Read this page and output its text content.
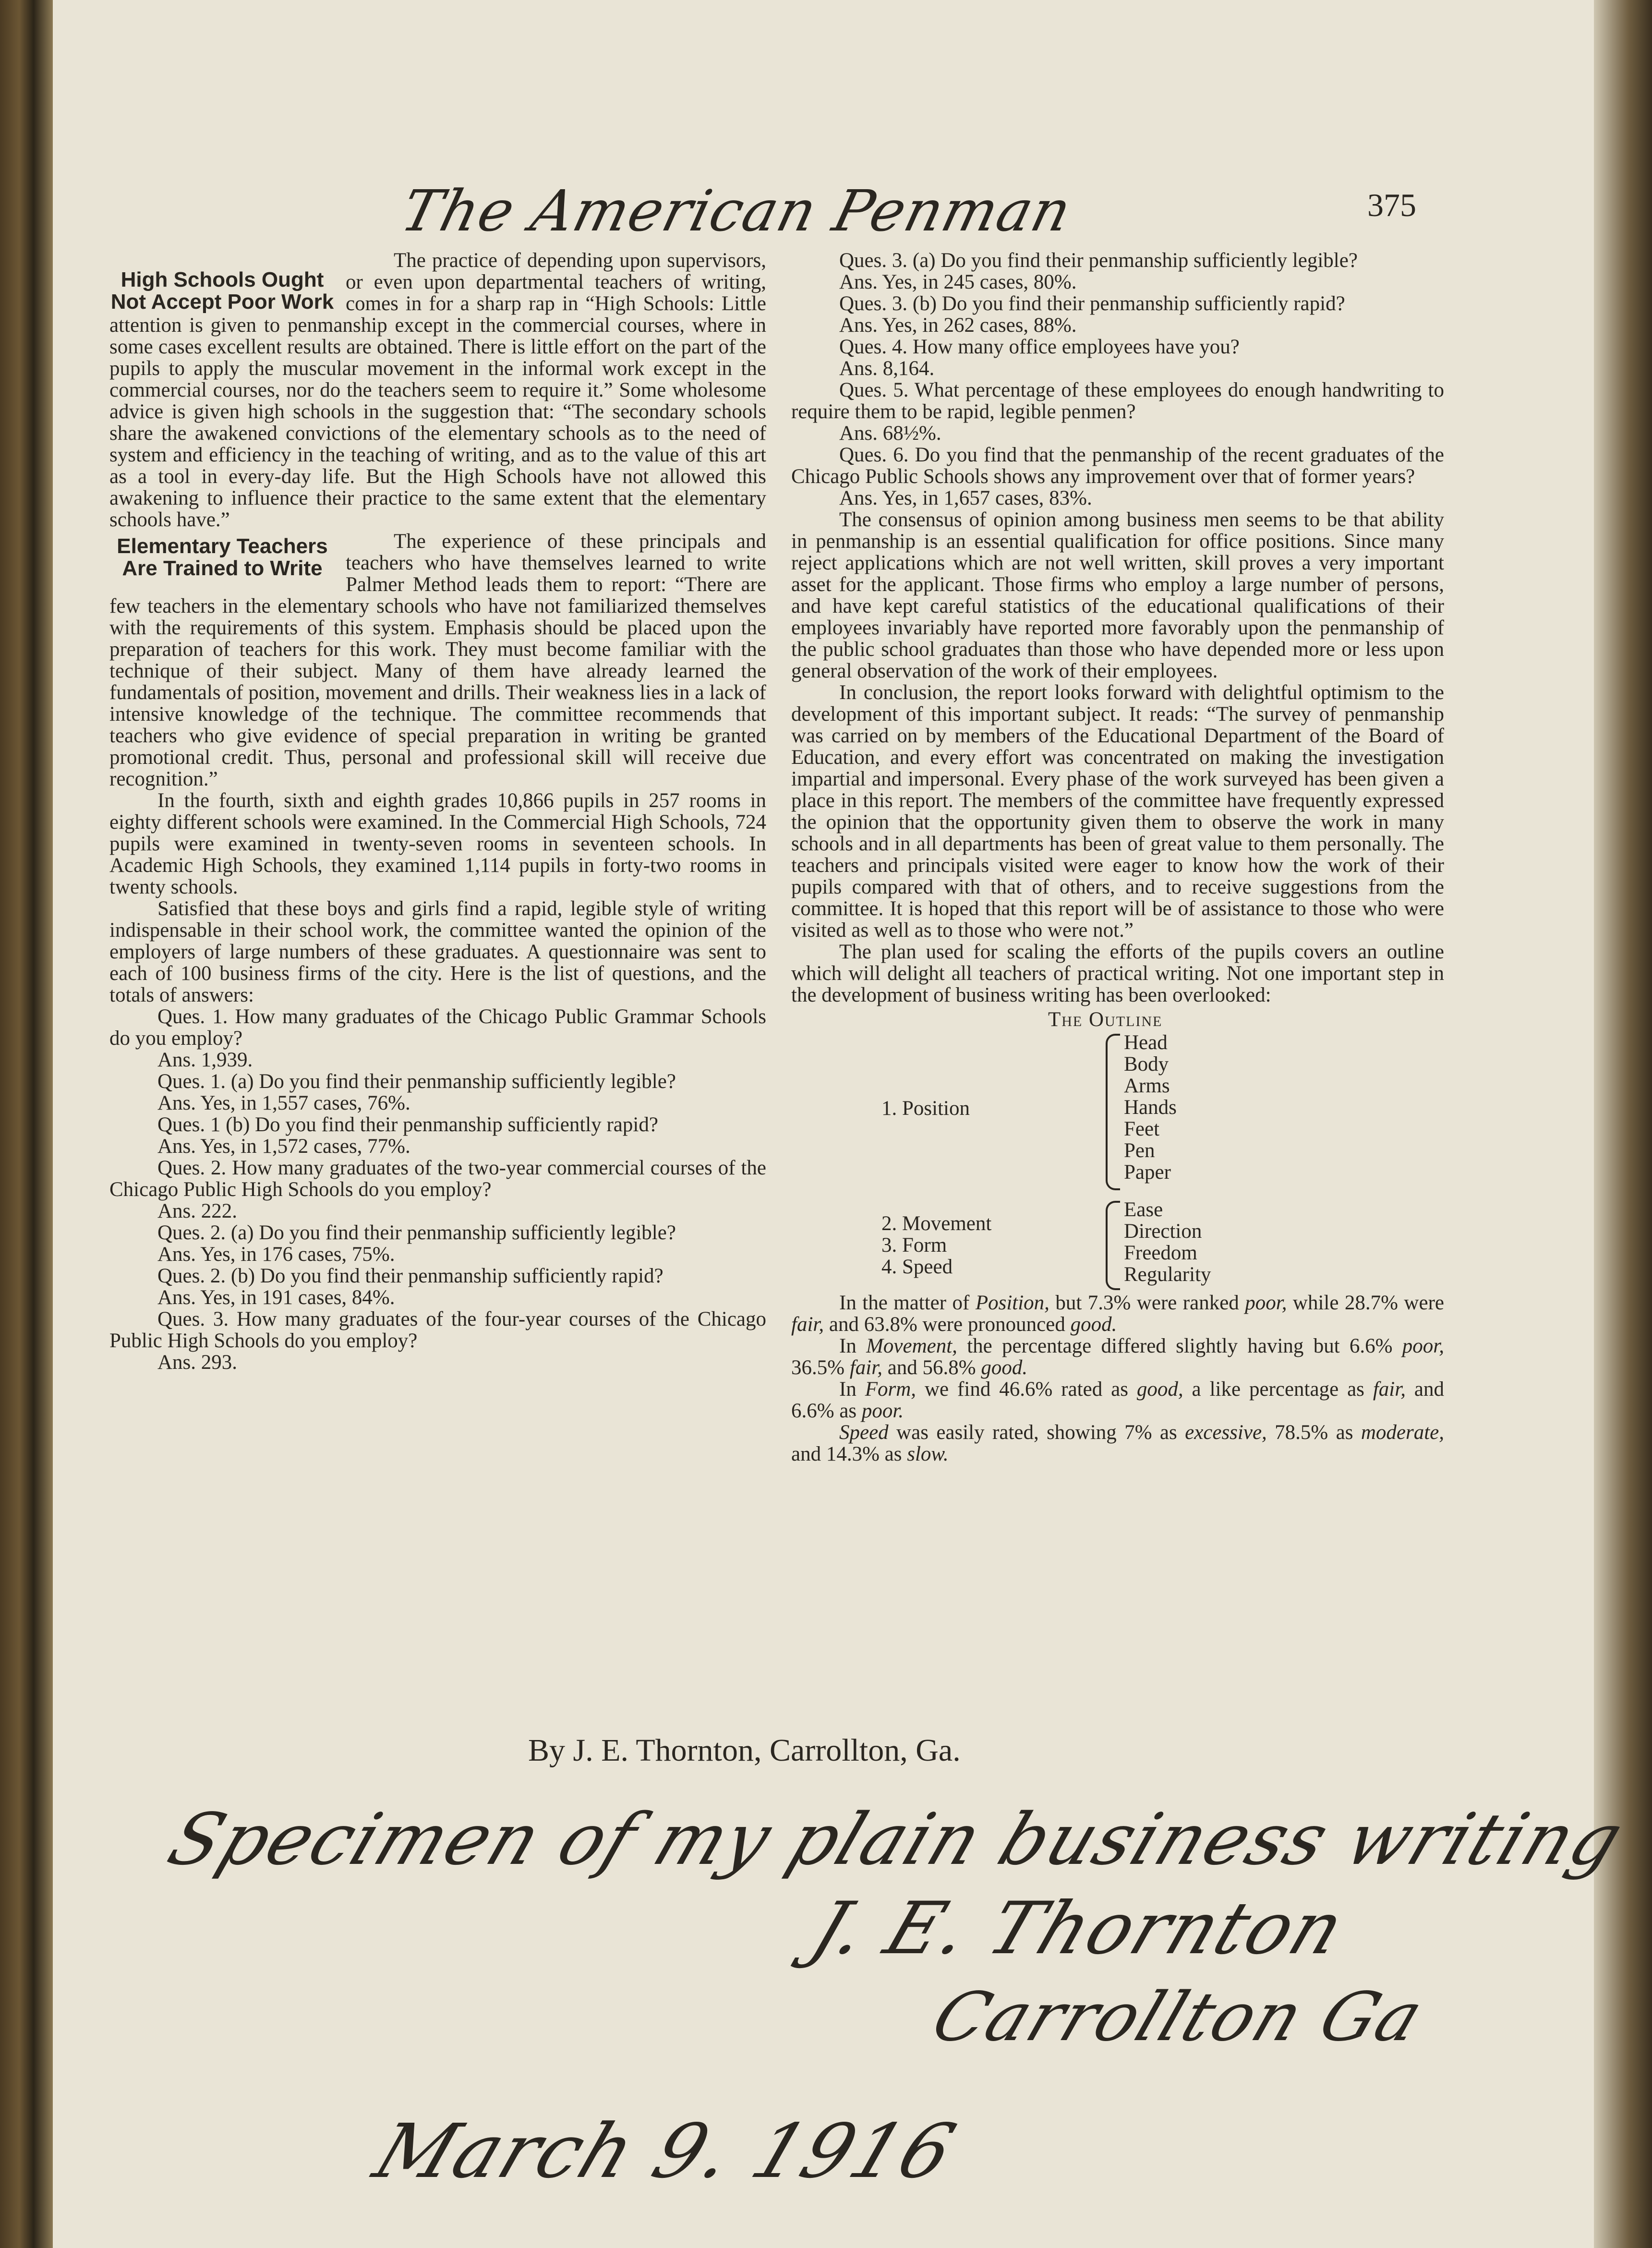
The American Penman	375
High Schools Ought Not Accept Poor Work

The practice of depending upon supervisors, or even upon departmental teachers of writing, comes in for a sharp rap in “High Schools: Little attention is given to penmanship except in the commercial courses, where in some cases excellent results are obtained. There is little effort on the part of the pupils to apply the muscular movement in the informal work except in the commercial courses, nor do the teachers seem to require it.” Some wholesome advice is given high schools in the suggestion that: “The secondary schools share the awakened convictions of the elementary schools as to the need of system and efficiency in the teaching of writing, and as to the value of this art as a tool in every-day life. But the High Schools have not allowed this awakening to influence their practice to the same extent that the elementary schools have.”

Elementary Teachers Are Trained to Write

The experience of these principals and teachers who have themselves learned to write Palmer Method leads them to report: “There are few teachers in the elementary schools who have not familiarized themselves with the requirements of this system. Emphasis should be placed upon the preparation of teachers for this work. They must become familiar with the technique of their subject. Many of them have already learned the fundamentals of position, movement and drills. Their weakness lies in a lack of intensive knowledge of the technique. The committee recommends that teachers who give evidence of special preparation in writing be granted promotional credit. Thus, personal and professional skill will receive due recognition.”

In the fourth, sixth and eighth grades 10,866 pupils in 257 rooms in eighty different schools were examined. In the Commercial High Schools, 724 pupils were examined in twenty-seven rooms in seventeen schools. In Academic High Schools, they examined 1,114 pupils in forty-two rooms in twenty schools.

Satisfied that these boys and girls find a rapid, legible style of writing indispensable in their school work, the committee wanted the opinion of the employers of large numbers of these graduates. A questionnaire was sent to each of 100 business firms of the city. Here is the list of questions, and the totals of answers:

Ques. 1. How many graduates of the Chicago Public Grammar Schools do you employ?

Ans. 1,939.

Ques. 1. (a) Do you find their penmanship sufficiently legible?

Ans. Yes, in 1,557 cases, 76%.

Ques. 1 (b) Do you find their penmanship sufficiently rapid?

Ans. Yes, in 1,572 cases, 77%.

Ques. 2. How many graduates of the two-year commercial courses of the Chicago Public High Schools do you employ?

Ans. 222.

Ques. 2. (a) Do you find their penmanship sufficiently legible?

Ans. Yes, in 176 cases, 75%.

Ques. 2. (b) Do you find their penmanship sufficiently rapid?

Ans. Yes, in 191 cases, 84%.

Ques. 3. How many graduates of the four-year courses of the Chicago Public High Schools do you employ?

Ans. 293.

Ques. 3. (a) Do you find their penmanship sufficiently legible?

Ans. Yes, in 245 cases, 80%.

Ques. 3. (b) Do you find their penmanship sufficiently rapid?

Ans. Yes, in 262 cases, 88%.

Ques. 4. How many office employees have you?

Ans. 8,164.

Ques. 5. What percentage of these employees do enough handwriting to require them to be rapid, legible penmen?

Ans. 68½%.

Ques. 6. Do you find that the penmanship of the recent graduates of the Chicago Public Schools shows any improvement over that of former years?

Ans. Yes, in 1,657 cases, 83%.

The consensus of opinion among business men seems to be that ability in penmanship is an essential qualification for office positions. Since many reject applications which are not well written, skill proves a very important asset for the applicant. Those firms who employ a large number of persons, and have kept careful statistics of the educational qualifications of their employees invariably have reported more favorably upon the penmanship of the public school graduates than those who have depended more or less upon general observation of the work of their employees.

In conclusion, the report looks forward with delightful optimism to the development of this important subject. It reads: “The survey of penmanship was carried on by members of the Educational Department of the Board of Education, and every effort was concentrated on making the investigation impartial and impersonal. Every phase of the work surveyed has been given a place in this report. The members of the committee have frequently expressed the opinion that the opportunity given them to observe the work in many schools and in all departments has been of great value to them personally. The teachers and principals visited were eager to know how the work of their pupils compared with that of others, and to receive suggestions from the committee. It is hoped that this report will be of assistance to those who were visited as well as to those who were not.”

The plan used for scaling the efforts of the pupils covers an outline which will delight all teachers of practical writing. Not one important step in the development of business writing has been overlooked:

The Outline
1. Position
Head
Body
Arms
Hands
Feet
Pen
Paper
2. Movement
3. Form
4. Speed
Ease
Direction
Freedom
Regularity

In the matter of Position, but 7.3% were ranked poor, while 28.7% were fair, and 63.8% were pronounced good.

In Movement, the percentage differed slightly having but 6.6% poor, 36.5% fair, and 56.8% good.

In Form, we find 46.6% rated as good, a like percentage as fair, and 6.6% as poor.

Speed was easily rated, showing 7% as excessive, 78.5% as moderate, and 14.3% as slow.

By J. E. Thornton, Carrollton, Ga.
Specimen of my plain business writing
J. E. Thornton
Carrollton Ga
March 9. 1916
